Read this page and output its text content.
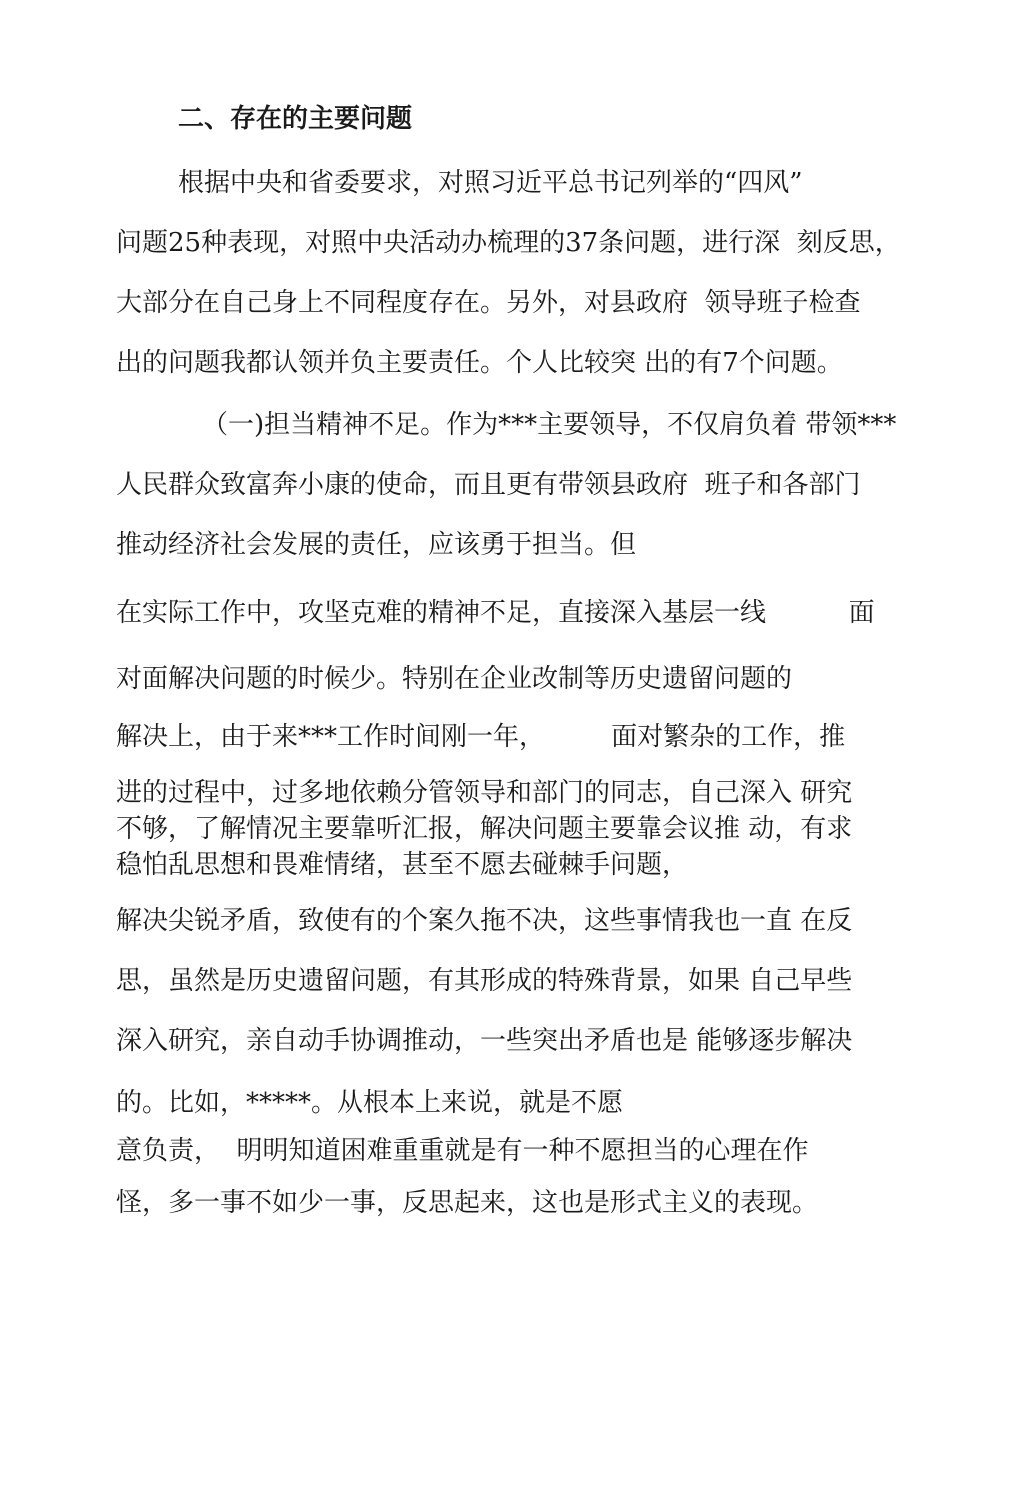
二、存在的主要问题
根据中央和省委要求，对照习近平总书记列举的“四风”
问题25种表现，对照中央活动办梳理的37条问题，进行深  刻反思，
大部分在自己身上不同程度存在。另外，对县政府  领导班子检查
出的问题我都认领并负主要责任。个人比较突 出的有7个问题。
（一)担当精神不足。作为***主要领导，不仅肩负着 带领***
人民群众致富奔小康的使命，而且更有带领县政府  班子和各部门
推动经济社会发展的责任，应该勇于担当。但
在实际工作中，攻坚克难的精神不足，直接深入基层一线          面
对面解决问题的时候少。特别在企业改制等历史遗留问题的
解决上，由于来***工作时间刚一年，        面对繁杂的工作，推
进的过程中，过多地依赖分管领导和部门的同志，自己深入 研究
不够，了解情况主要靠听汇报，解决问题主要靠会议推 动，有求
稳怕乱思想和畏难情绪，甚至不愿去碰棘手问题，
解决尖锐矛盾，致使有的个案久拖不决，这些事情我也一直 在反
思，虽然是历史遗留问题，有其形成的特殊背景，如果 自己早些
深入研究，亲自动手协调推动，一些突出矛盾也是 能够逐步解决
的。比如，*****。从根本上来说，就是不愿
意负责，  明明知道困难重重就是有一种不愿担当的心理在作
怪，多一事不如少一事，反思起来，这也是形式主义的表现。
